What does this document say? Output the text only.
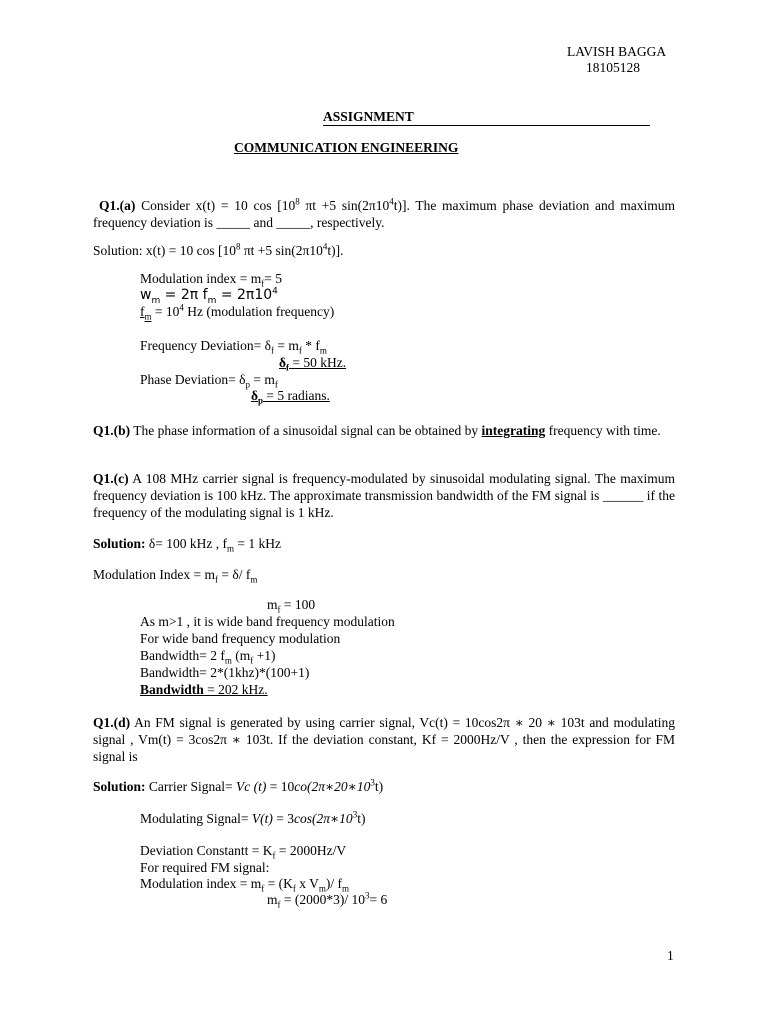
LAVISH BAGGA
18105128
ASSIGNMENT
COMMUNICATION ENGINEERING
Q1.(a) Consider x(t) = 10 $\cos [10^8$ πt +5 $\sin(2\pi 10^4t)$]. The maximum phase deviation and maximum frequency deviation is _____ and _____, respectively.
Solution: x(t) = 10 $\cos [10^8$ πt +5 $\sin(2\pi 10^4t)$].
Modulation index = $m_f= 5$
$w_m = 2\pi$ $f_m = 2\pi 10^4$
$f_m = 10^4$ Hz (modulation frequency)
Frequency Deviation= $\delta_f = m_f * f_m$
$\delta_f = 50$ kHz.
Phase Deviation= $\delta_p = m_f$
$\delta_p = 5$ radians.
Q1.(b) The phase information of a sinusoidal signal can be obtained by integrating frequency with time.
Q1.(c) A 108 MHz carrier signal is frequency-modulated by sinusoidal modulating signal. The maximum frequency deviation is 100 kHz. The approximate transmission bandwidth of the FM signal is ______ if the frequency of the modulating signal is 1 kHz.
Solution: δ= 100 kHz , $f_m = 1$ kHz
Modulation Index = $m_f = \delta/$ $f_m$
$m_f = 100$
As m>1 , it is wide band frequency modulation
For wide band frequency modulation
Bandwidth= 2 $f_m$ $(m_f +1)$
Bandwidth= 2*(1khz)*(100+1)
Bandwidth = 202 kHz.
Q1.(d) An FM signal is generated by using carrier signal, Vc(t) = 10cos2π ∗ 20 ∗ 103t and modulating signal , Vm(t) = 3cos2π ∗ 103t. If the deviation constant, Kf = 2000Hz/V , then the expression for FM signal is
Solution: Carrier Signal= Vc $(t) = 10co(2\pi∗20∗10^3t)$
Modulating Signal= $V(t) = 3\cos(2\pi∗10^3t)$
Deviation Constantt = $K_f = 2000Hz/V$
For required FM signal:
Modulation index = $m_f = (K_f$ x $V_m)/$ $f_m$
$m_f = (2000*3)/$ $10^3= 6$
1
